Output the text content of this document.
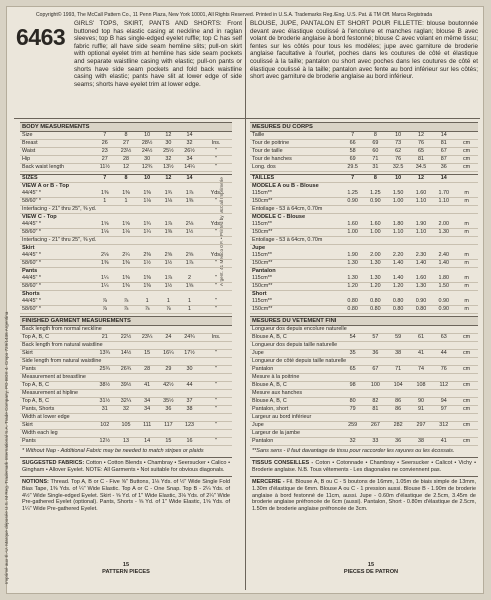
Imprimé aux É.-U. Marque déposée U.S. M Reg. Trademark International S.A. Trade Company, PO BOX 4. Cmpo 729/1436 Argentina
Argent. 41 Mexico 0.F. • Printed by McCall Imprimerie
Copyright© 1993, The McCall Pattern Co., 11 Penn Plaza, New York 10001, All Rights Reserved. Printed in U.S.A. Trademarks Reg./Eng. U.S. Pat. & TM Off. Marca Registrada
6463
GIRLS' TOPS, SKIRT, PANTS AND SHORTS: Front buttoned top has elastic casing at neckline and in raglan sleeves; top B has single-edged eyelet ruffle; top C has self fabric ruffle; all have side seam hemline slits; pull-on skirt with optional eyelet trim at hemline has side seam pockets and separate waistline casing with elastic; pull-on pants or shorts have side seam pockets and fold back waistline casing with elastic; pants have slit at lower edge of side seams; shorts have eyelet trim at lower edge.
BLOUSE, JUPE, PANTALON ET SHORT POUR FILLETTE: blouse boutonnée devant avec élastique coulissé à l'encolure et manches raglan; blouse B avec volant de broderie anglaise à bord festonné; blouse C avec volant en même tissu; fentes sur les côtés pour tous les modèles; jupe avec garniture de broderie anglaise facultative à l'ourlet, poches dans les coutures de côté et élastique coulissé à la taille; pantalon ou short avec poches dans les coutures de côté et élastique coulissé à la taille; pantalon avec fente au bord inférieur sur les côtés; short avec garniture de broderie anglaise au bord inférieur.
BODY MEASUREMENTS
Size	7	8	10	12	14	
Breast	26	27	28½	30	32	Ins.
Waist	23	23½	24½	25½	26½	"
Hip	27	28	30	32	34	"
Back waist length	11½	12	12¾	13½	14¼	"
SIZES	7	8	10	12	14	
VIEW A or B - Top
44/45" *	1⅜	1⅜	1⅜	1¾	1⅞	Yds.
58/60" *	1	1	1⅛	1⅛	1⅜	"
Interfacing - 21" thru 25", ⅜ yd.						
VIEW C - Top
44/45" *	1⅝	1⅝	1¾	1⅞	2⅛	Yds.
58/60" *	1⅛	1⅛	1¼	1⅜	1½	"
Interfacing - 21" thru 25", ⅜ yd.						
Skirt
44/45" *	2⅛	2¼	2⅜	2⅝	2⅝	Yds.
58/60" *	1⅜	1⅜	1½	1½	1⅞	"
Pants
44/45" *	1¼	1⅜	1⅜	1⅞	2	"
58/60" *	1¼	1⅜	1⅜	1½	1⅝	"
Shorts
44/45" *	⅞	⅞	1	1	1	"
58/60" *	⅞	⅞	⅞	⅞	1	"
FINISHED GARMENT MEASUREMENTS
Back length from normal neckline						
Top A, B, C	21	22½	23¼	24	24¾	Ins.
Back length from natural waistline						
Skirt	13¾	14½	15	16¼	17½	"
Side length from natural waistline						
Pants	25¾	26¾	28	29	30	"
Measurement at breastline						
Top A, B, C	38½	39½	41	42½	44	"
Measurement at hipline						
Top A, B, C	31½	32¼	34	35½	37	"
Pants, Shorts	31	32	34	36	38	"
Width at lower edge						
Skirt	102	105	111	117	123	"
Width each leg						
Pants	12½	13	14	15	16	"
* Without Nap - Additional Fabric may be needed to match stripes or plaids
SUGGESTED FABRICS: Cotton • Cotton Blends • Chambray • Seersucker • Calico • Gingham • Allover Eyelet. NOTE: All Garments • Not suitable for obvious diagonals.
NOTIONS: Thread. Top A, B or C - Five ⅝" Buttons, 1⅛ Yds. of ½" Wide Single Fold Bias Tape, 1⅜ Yds. of ¼" Wide Elastic. Top A or C - One Snap. Top B - 2¼ Yds. of 4½" Wide Single-edged Eyelet. Skirt - ⅝ Yd. of 1" Wide Elastic, 3⅛ Yds. of 2¼" Wide Pre-gathered Eyelet (optional). Pants, Shorts - ⅝ Yd. of 1" Wide Elastic, 1⅝ Yds. of 1¼" Wide Pre-gathered Eyelet.
MESURES DU CORPS
Taille	7	8	10	12	14	
Tour de poitrine	66	69	73	76	81	cm
Tour de taille	58	60	62	65	67	cm
Tour de hanches	69	71	76	81	87	cm
Long. dos	29.5	31	32.5	34.5	36	cm
TAILLES	7	8	10	12	14	
MODELE A ou B - Blouse
115cm**	1.25	1.25	1.50	1.60	1.70	m
150cm**	0.90	0.90	1.00	1.10	1.10	m
Entoilage - 53 à 64cm, 0.70m						
MODELE C - Blouse
115cm**	1.60	1.60	1.80	1.90	2.00	m
150cm**	1.00	1.00	1.10	1.10	1.30	m
Entoilage - 53 à 64cm, 0.70m						
Jupe
115cm**	1.90	2.00	2.20	2.30	2.40	m
150cm**	1.30	1.30	1.40	1.40	1.40	m
Pantalon
115cm**	1.30	1.30	1.40	1.60	1.80	m
150cm**	1.20	1.20	1.20	1.30	1.50	m
Short
115cm**	0.80	0.80	0.80	0.90	0.90	m
150cm**	0.80	0.80	0.80	0.80	0.90	m
MESURES DU VETEMENT FINI
Longueur dos depuis encolure naturelle						
Blouse A, B, C	54	57	59	61	63	cm
Longueur dos depuis taille naturelle						
Jupe	35	36	38	41	44	cm
Longueur de côté depuis taille naturelle						
Pantalon	65	67	71	74	76	cm
Mesure à la poitrine						
Blouse A, B, C	98	100	104	108	112	cm
Mesure aux hanches						
Blouse A, B, C	80	82	86	90	94	cm
Pantalon, short	79	81	86	91	97	cm
Largeur au bord inférieur						
Jupe	259	267	282	297	312	cm
Largeur de la jambe						
Pantalon	32	33	36	38	41	cm
**Sans sens - Il faut davantage de tissu pour raccorder les rayures ou les écossais.
TISSUS CONSEILLES - Coton • Cotonnade • Chambray • Seersucker • Calicot • Vichy • Broderie anglaise. N.B. Tous vêtements - Les diagonales ne conviennent pas.
MERCERIE - Fil. Blouse A, B ou C - 5 boutons de 16mm, 1.05m de biais simple de 13mm, 1.30m d'élastique de 6mm. Blouse A ou C - 1 pression aussi. Blouse B - 1.90m de broderie anglaise à bord festonné de 11cm, aussi. Jupe - 0.60m d'élastique de 2.5cm, 3.45m de broderie anglaise préfroncée de 6cm (aussi). Pantalon, Short - 0.80m d'élastique de 2.5cm, 1.50m de broderie anglaise préfroncée de 3cm.
15
PATTERN PIECES
15
PIECES DE PATRON
